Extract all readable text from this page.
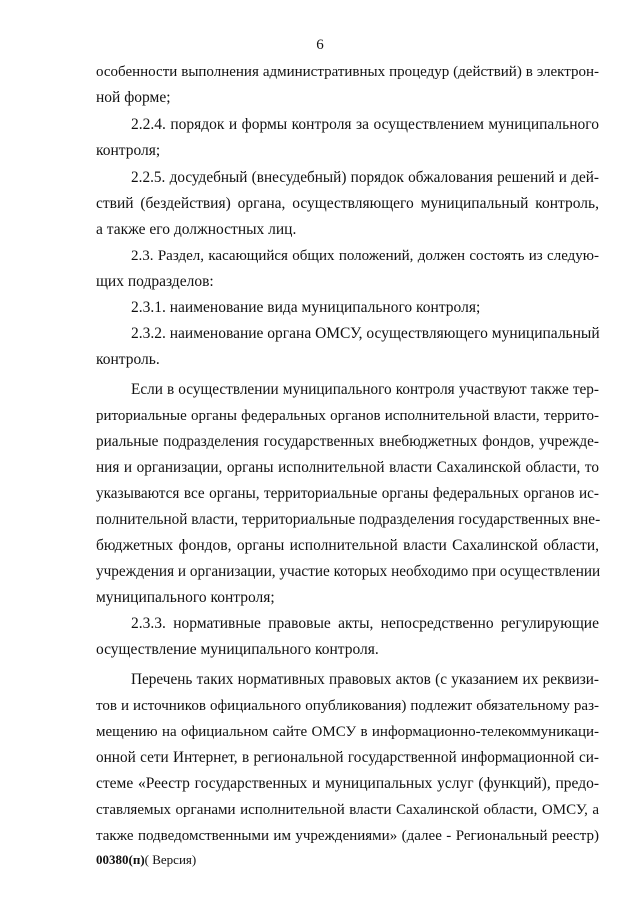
6
особенности выполнения административных процедур (действий) в электрон-
ной форме;
2.2.4. порядок и формы контроля за осуществлением муниципального
контроля;
2.2.5. досудебный (внесудебный) порядок обжалования решений и дей-
ствий (бездействия) органа, осуществляющего муниципальный контроль,
а также его должностных лиц.
2.3. Раздел, касающийся общих положений, должен состоять из следую-
щих подразделов:
2.3.1. наименование вида муниципального контроля;
2.3.2. наименование органа ОМСУ, осуществляющего муниципальный
контроль.
Если в осуществлении муниципального контроля участвуют также тер-
риториальные органы федеральных органов исполнительной власти, террито-
риальные подразделения государственных внебюджетных фондов, учрежде-
ния и организации, органы исполнительной власти Сахалинской области, то
указываются все органы, территориальные органы федеральных органов ис-
полнительной власти, территориальные подразделения государственных вне-
бюджетных фондов, органы исполнительной власти Сахалинской области,
учреждения и организации, участие которых необходимо при осуществлении
муниципального контроля;
2.3.3. нормативные правовые акты, непосредственно регулирующие
осуществление муниципального контроля.
Перечень таких нормативных правовых актов (с указанием их реквизи-
тов и источников официального опубликования) подлежит обязательному раз-
мещению на официальном сайте ОМСУ в информационно-телекоммуникаци-
онной сети Интернет, в региональной государственной информационной си-
стеме «Реестр государственных и муниципальных услуг (функций), предо-
ставляемых органами исполнительной власти Сахалинской области, ОМСУ, а
также подведомственными им учреждениями» (далее - Региональный реестр)
00380(п)( Версия)
